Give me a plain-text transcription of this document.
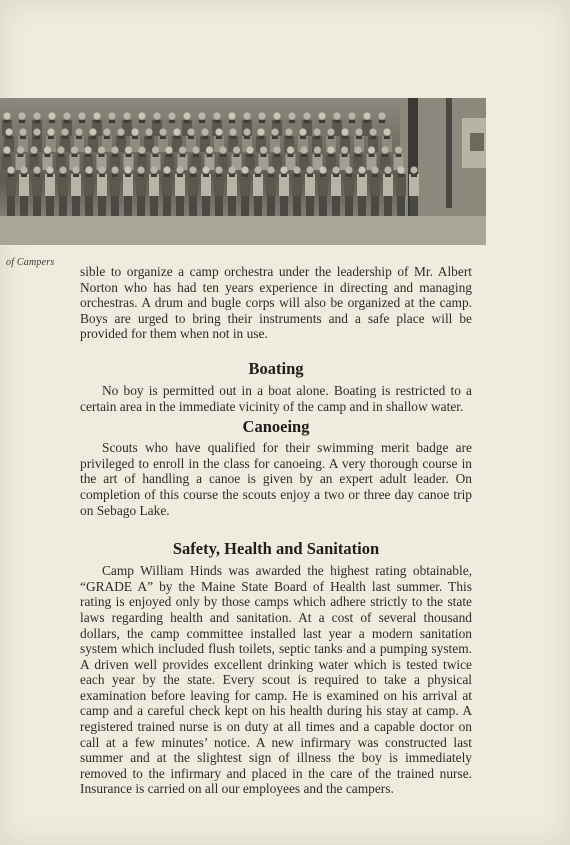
of Campers

sible to organize a camp orchestra under the leadership of Mr. Albert Norton who has had ten years experience in directing and managing orchestras. A drum and bugle corps will also be organized at the camp. Boys are urged to bring their instruments and a safe place will be provided for them when not in use.

Boating

No boy is permitted out in a boat alone. Boating is restricted to a certain area in the immediate vicinity of the camp and in shallow water.

Canoeing

Scouts who have qualified for their swimming merit badge are privileged to enroll in the class for canoeing. A very thorough course in the art of handling a canoe is given by an expert adult leader. On completion of this course the scouts enjoy a two or three day canoe trip on Sebago Lake.

Safety, Health and Sanitation

Camp William Hinds was awarded the highest rating obtainable, “GRADE A” by the Maine State Board of Health last summer. This rating is enjoyed only by those camps which adhere strictly to the state laws regarding health and sanitation. At a cost of several thousand dollars, the camp committee installed last year a modern sanitation system which included flush toilets, septic tanks and a pumping system. A driven well provides excellent drinking water which is tested twice each year by the state. Every scout is required to take a physical examination before leaving for camp. He is examined on his arrival at camp and a careful check kept on his health during his stay at camp. A registered trained nurse is on duty at all times and a capable doctor on call at a few minutes’ notice. A new infirmary was constructed last summer and at the slightest sign of illness the boy is immediately removed to the infirmary and placed in the care of the trained nurse. Insurance is carried on all our employees and the campers.
